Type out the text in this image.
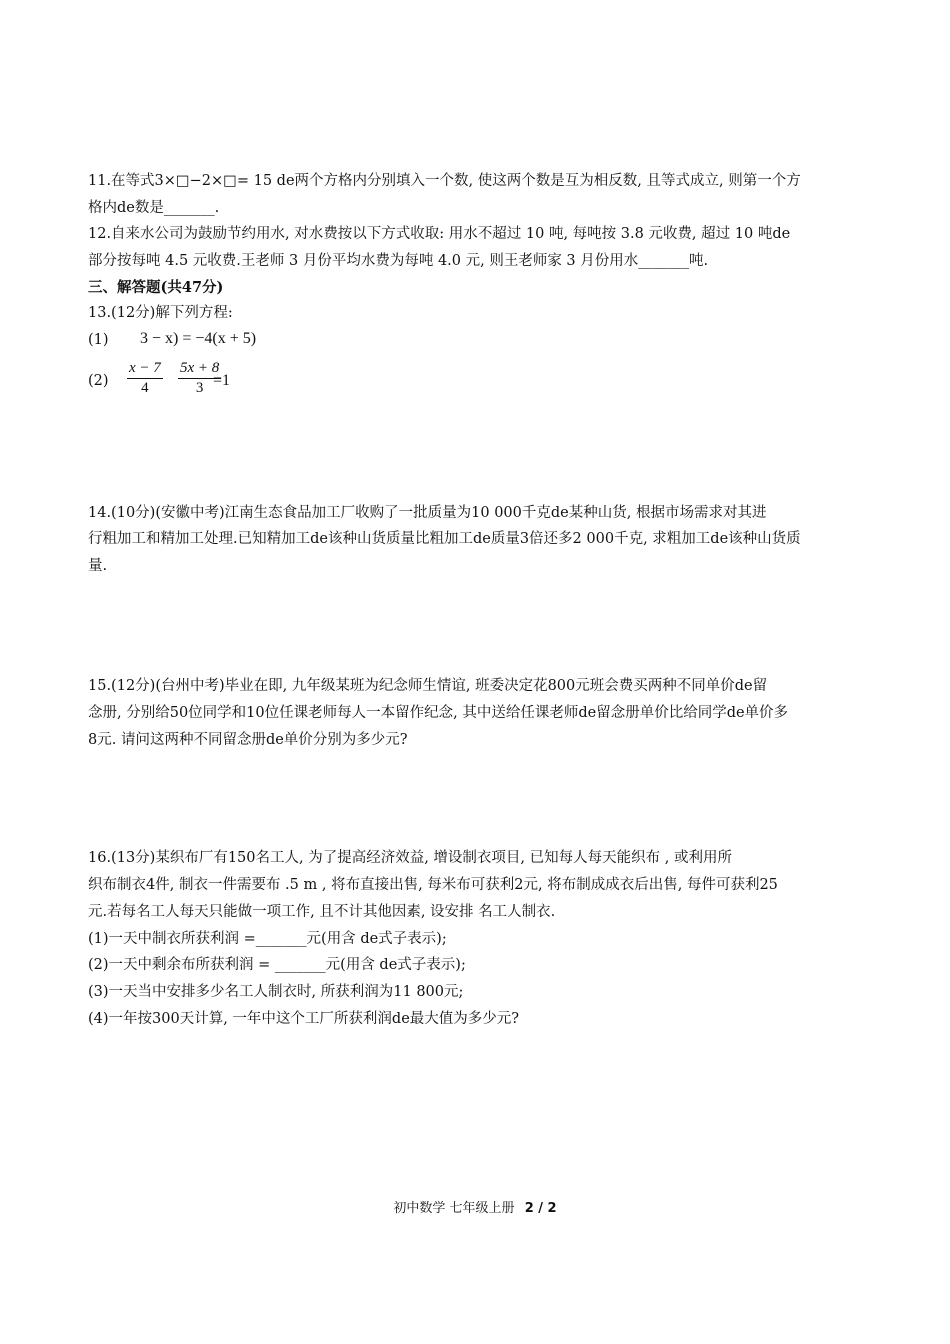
11.在等式3×□−2×□= 15 de两个方格内分别填入一个数, 使这两个数是互为相反数, 且等式成立, 则第一个方
格内de数是_______.
12.自来水公司为鼓励节约用水, 对水费按以下方式收取: 用水不超过 10 吨, 每吨按 3.8 元收费, 超过 10 吨de
部分按每吨 4.5 元收费.王老师 3 月份平均水费为每吨 4.0 元, 则王老师家 3 月份用水_______吨.
三、解答题(共47分)
13.(12分)解下列方程:
(1) 3 − x) = −4(x + 5)
$(2) \frac{x - 7}{4} \frac{5x + 8}{3}$
=1
14.(10分)(安徽中考)江南生态食品加工厂收购了一批质量为10 000千克de某种山货, 根据市场需求对其进
行粗加工和精加工处理.已知精加工de该种山货质量比粗加工de质量3倍还多2 000千克, 求粗加工de该种山货质
量.
15.(12分)(台州中考)毕业在即, 九年级某班为纪念师生情谊, 班委决定花800元班会费买两种不同单价de留
念册, 分别给50位同学和10位任课老师每人一本留作纪念, 其中送给任课老师de留念册单价比给同学de单价多
8元. 请问这两种不同留念册de单价分别为多少元?
16.(13分)某织布厂有150名工人, 为了提高经济效益, 增设制衣项目, 已知每人每天能织布 , 或利用所
织布制衣4件, 制衣一件需要布 .5 m , 将布直接出售, 每米布可获利2元, 将布制成成衣后出售, 每件可获利25
元.若每名工人每天只能做一项工作, 且不计其他因素, 设安排 名工人制衣.
(1)一天中制衣所获利润 =_______元(用含 de式子表示);
(2)一天中剩余布所获利润 = _______元(用含 de式子表示);
(3)一天当中安排多少名工人制衣时, 所获利润为11 800元;
(4)一年按300天计算, 一年中这个工厂所获利润de最大值为多少元?
初中数学 七年级上册 2 / 2
